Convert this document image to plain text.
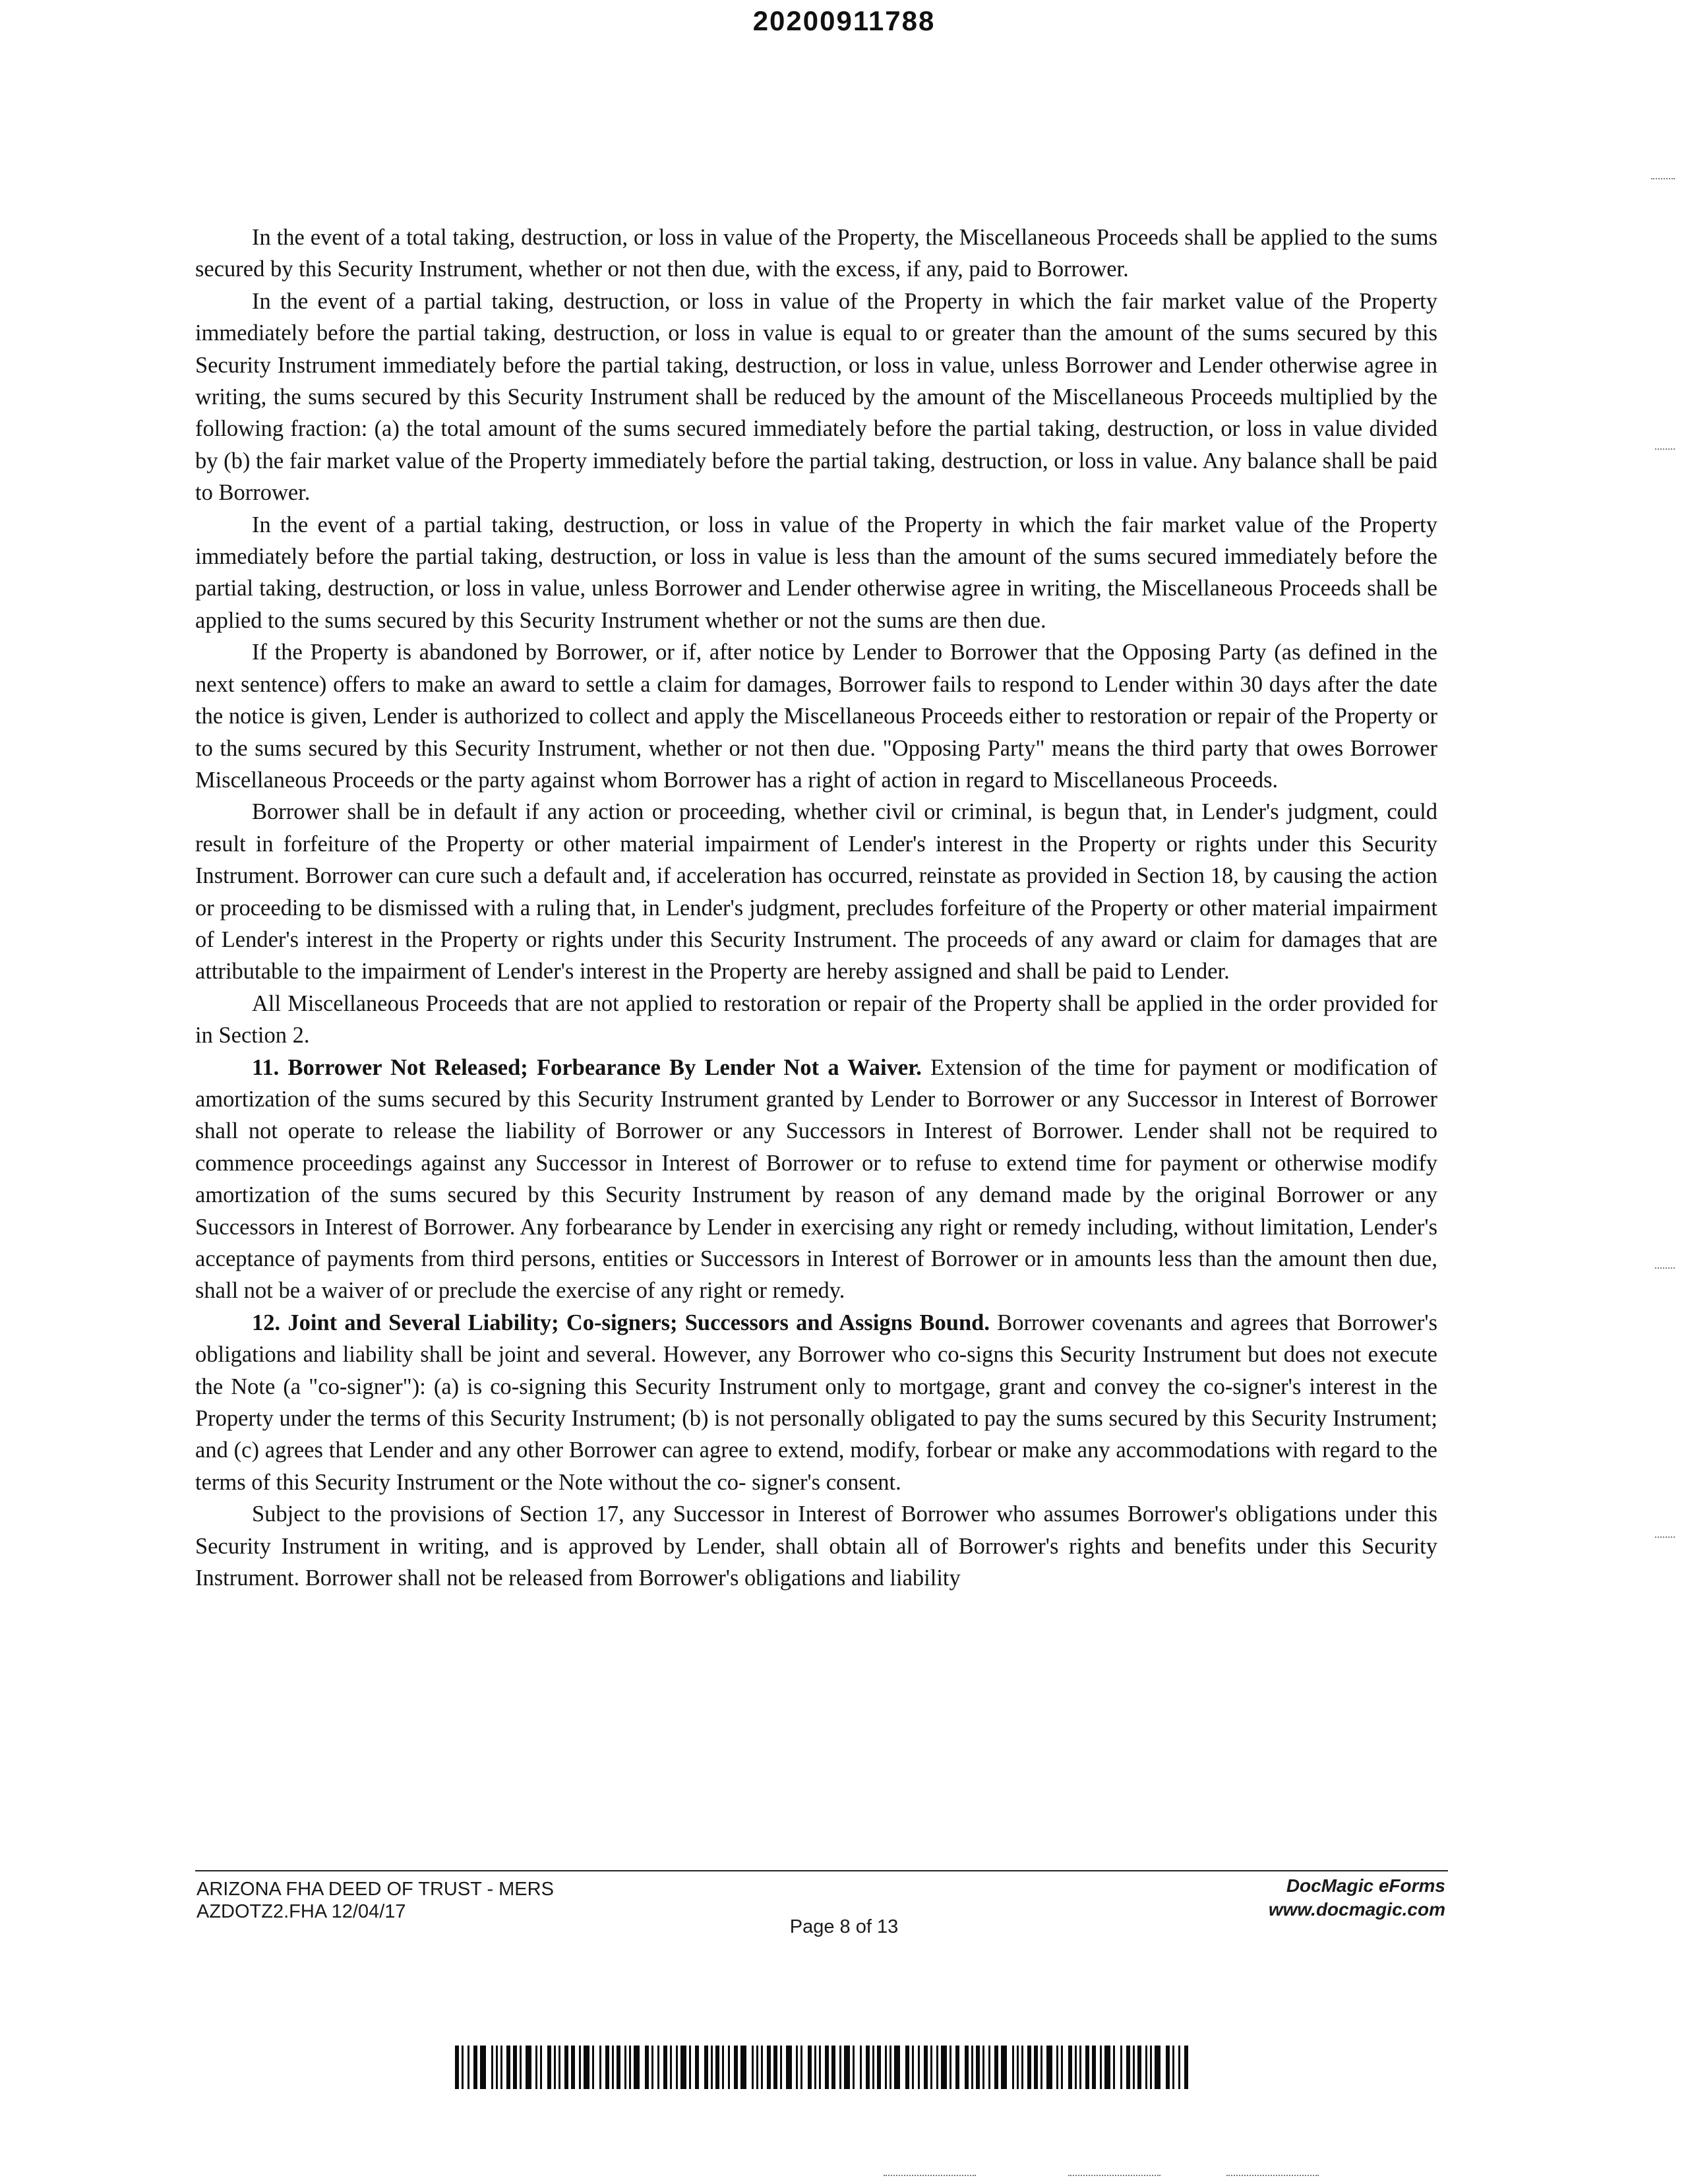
20200911788

In the event of a total taking, destruction, or loss in value of the Property, the Miscellaneous Proceeds shall be applied to the sums secured by this Security Instrument, whether or not then due, with the excess, if any, paid to Borrower.

In the event of a partial taking, destruction, or loss in value of the Property in which the fair market value of the Property immediately before the partial taking, destruction, or loss in value is equal to or greater than the amount of the sums secured by this Security Instrument immediately before the partial taking, destruction, or loss in value, unless Borrower and Lender otherwise agree in writing, the sums secured by this Security Instrument shall be reduced by the amount of the Miscellaneous Proceeds multiplied by the following fraction: (a) the total amount of the sums secured immediately before the partial taking, destruction, or loss in value divided by (b) the fair market value of the Property immediately before the partial taking, destruction, or loss in value. Any balance shall be paid to Borrower.

In the event of a partial taking, destruction, or loss in value of the Property in which the fair market value of the Property immediately before the partial taking, destruction, or loss in value is less than the amount of the sums secured immediately before the partial taking, destruction, or loss in value, unless Borrower and Lender otherwise agree in writing, the Miscellaneous Proceeds shall be applied to the sums secured by this Security Instrument whether or not the sums are then due.

If the Property is abandoned by Borrower, or if, after notice by Lender to Borrower that the Opposing Party (as defined in the next sentence) offers to make an award to settle a claim for damages, Borrower fails to respond to Lender within 30 days after the date the notice is given, Lender is authorized to collect and apply the Miscellaneous Proceeds either to restoration or repair of the Property or to the sums secured by this Security Instrument, whether or not then due. "Opposing Party" means the third party that owes Borrower Miscellaneous Proceeds or the party against whom Borrower has a right of action in regard to Miscellaneous Proceeds.

Borrower shall be in default if any action or proceeding, whether civil or criminal, is begun that, in Lender's judgment, could result in forfeiture of the Property or other material impairment of Lender's interest in the Property or rights under this Security Instrument. Borrower can cure such a default and, if acceleration has occurred, reinstate as provided in Section 18, by causing the action or proceeding to be dismissed with a ruling that, in Lender's judgment, precludes forfeiture of the Property or other material impairment of Lender's interest in the Property or rights under this Security Instrument. The proceeds of any award or claim for damages that are attributable to the impairment of Lender's interest in the Property are hereby assigned and shall be paid to Lender.

All Miscellaneous Proceeds that are not applied to restoration or repair of the Property shall be applied in the order provided for in Section 2.

11. Borrower Not Released; Forbearance By Lender Not a Waiver. Extension of the time for payment or modification of amortization of the sums secured by this Security Instrument granted by Lender to Borrower or any Successor in Interest of Borrower shall not operate to release the liability of Borrower or any Successors in Interest of Borrower. Lender shall not be required to commence proceedings against any Successor in Interest of Borrower or to refuse to extend time for payment or otherwise modify amortization of the sums secured by this Security Instrument by reason of any demand made by the original Borrower or any Successors in Interest of Borrower. Any forbearance by Lender in exercising any right or remedy including, without limitation, Lender's acceptance of payments from third persons, entities or Successors in Interest of Borrower or in amounts less than the amount then due, shall not be a waiver of or preclude the exercise of any right or remedy.

12. Joint and Several Liability; Co-signers; Successors and Assigns Bound. Borrower covenants and agrees that Borrower's obligations and liability shall be joint and several. However, any Borrower who co-signs this Security Instrument but does not execute the Note (a "co-signer"): (a) is co-signing this Security Instrument only to mortgage, grant and convey the co-signer's interest in the Property under the terms of this Security Instrument; (b) is not personally obligated to pay the sums secured by this Security Instrument; and (c) agrees that Lender and any other Borrower can agree to extend, modify, forbear or make any accommodations with regard to the terms of this Security Instrument or the Note without the co- signer's consent.

Subject to the provisions of Section 17, any Successor in Interest of Borrower who assumes Borrower's obligations under this Security Instrument in writing, and is approved by Lender, shall obtain all of Borrower's rights and benefits under this Security Instrument. Borrower shall not be released from Borrower's obligations and liability

ARIZONA FHA DEED OF TRUST - MERS
AZDOTZ2.FHA 12/04/17
DocMagic eForms
www.docmagic.com
Page 8 of 13
